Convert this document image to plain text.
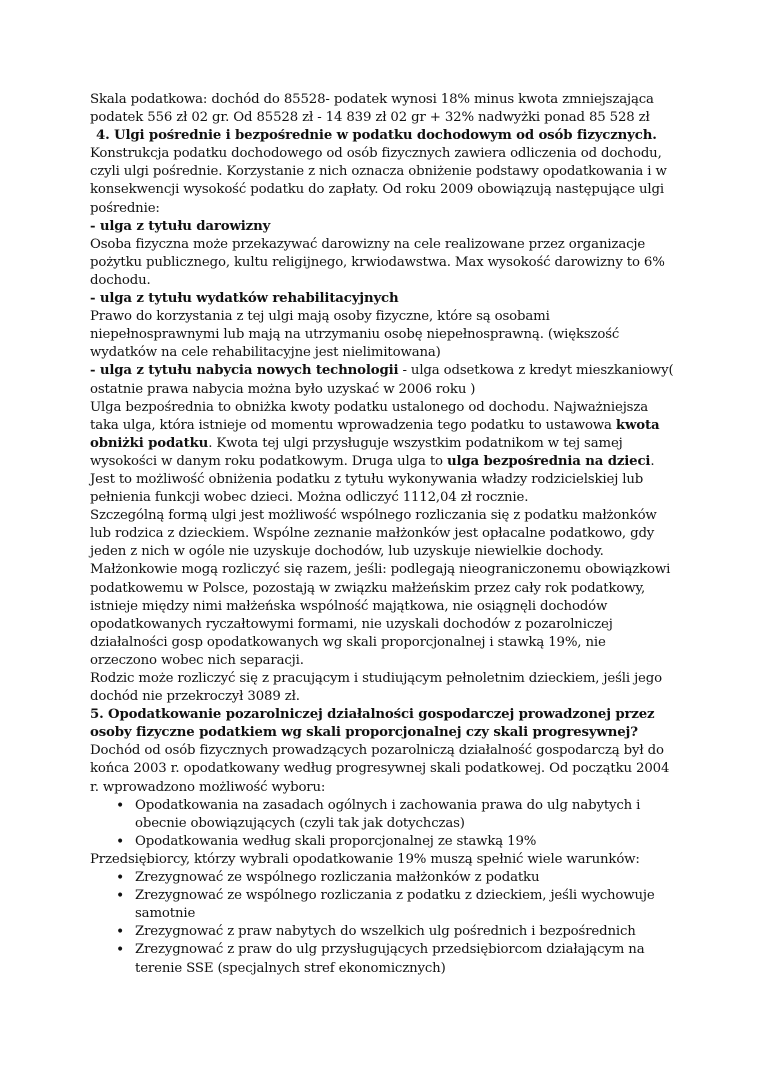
Skala podatkowa: dochód do 85528- podatek wynosi 18% minus kwota zmniejszająca podatek 556 zł 02 gr. Od 85528 zł - 14 839 zł 02 gr + 32% nadwyżki ponad 85 528 zł

4. Ulgi pośrednie i bezpośrednie w podatku dochodowym od osób fizycznych.

Konstrukcja podatku dochodowego od osób fizycznych zawiera odliczenia od dochodu, czyli ulgi pośrednie. Korzystanie z nich oznacza obniżenie podstawy opodatkowania i w konsekwencji wysokość podatku do zapłaty. Od roku 2009 obowiązują następujące ulgi pośrednie:

- ulga z tytułu darowizny

Osoba fizyczna może przekazywać darowizny na cele realizowane przez organizacje pożytku publicznego, kultu religijnego, krwiodawstwa. Max wysokość darowizny to 6% dochodu.

- ulga z tytułu wydatków rehabilitacyjnych

Prawo do korzystania z tej ulgi mają osoby fizyczne, które są osobami niepełnosprawnymi lub mają na utrzymaniu osobę niepełnosprawną. (większość wydatków na cele rehabilitacyjne jest nielimitowana)

- ulga z tytułu nabycia nowych technologii - ulga odsetkowa z kredyt mieszkaniowy( ostatnie prawa nabycia można było uzyskać w 2006 roku )

Ulga bezpośrednia to obniżka kwoty podatku ustalonego od dochodu. Najważniejsza taka ulga, która istnieje od momentu wprowadzenia tego podatku to ustawowa kwota obniżki podatku. Kwota tej ulgi przysługuje wszystkim podatnikom w tej samej wysokości w danym roku podatkowym. Druga ulga to ulga bezpośrednia na dzieci. Jest to możliwość obniżenia podatku z tytułu wykonywania władzy rodzicielskiej lub pełnienia funkcji wobec dzieci. Można odliczyć 1112,04 zł rocznie.

Szczególną formą ulgi jest możliwość wspólnego rozliczania się z podatku małżonków lub rodzica z dzieckiem. Wspólne zeznanie małżonków jest opłacalne podatkowo, gdy jeden z nich w ogóle nie uzyskuje dochodów, lub uzyskuje niewielkie dochody. Małżonkowie mogą rozliczyć się razem, jeśli: podlegają nieograniczonemu obowiązkowi podatkowemu w Polsce, pozostają w związku małżeńskim przez cały rok podatkowy, istnieje między nimi małżeńska wspólność majątkowa, nie osiągnęli dochodów opodatkowanych ryczałtowymi formami, nie uzyskali dochodów z pozarolniczej działalności gosp opodatkowanych wg skali proporcjonalnej i stawką 19%, nie orzeczono wobec nich separacji.

Rodzic może rozliczyć się z pracującym i studiującym pełnoletnim dzieckiem, jeśli jego dochód nie przekroczył 3089 zł.

5. Opodatkowanie pozarolniczej działalności gospodarczej prowadzonej przez osoby fizyczne podatkiem wg skali proporcjonalnej czy skali progresywnej?

Dochód od osób fizycznych prowadzących pozarolniczą działalność gospodarczą był do końca 2003 r. opodatkowany według progresywnej skali podatkowej. Od początku 2004 r. wprowadzono możliwość wyboru:

• Opodatkowania na zasadach ogólnych i zachowania prawa do ulg nabytych i obecnie obowiązujących (czyli tak jak dotychczas)
• Opodatkowania według skali proporcjonalnej ze stawką 19%

Przedsiębiorcy, którzy wybrali opodatkowanie 19% muszą spełnić wiele warunków:

• Zrezygnować ze wspólnego rozliczania małżonków z podatku
• Zrezygnować ze wspólnego rozliczania z podatku z dzieckiem, jeśli wychowuje samotnie
• Zrezygnować z praw nabytych do wszelkich ulg pośrednich i bezpośrednich
• Zrezygnować z praw do ulg przysługujących przedsiębiorcom działającym na terenie SSE (specjalnych stref ekonomicznych)
